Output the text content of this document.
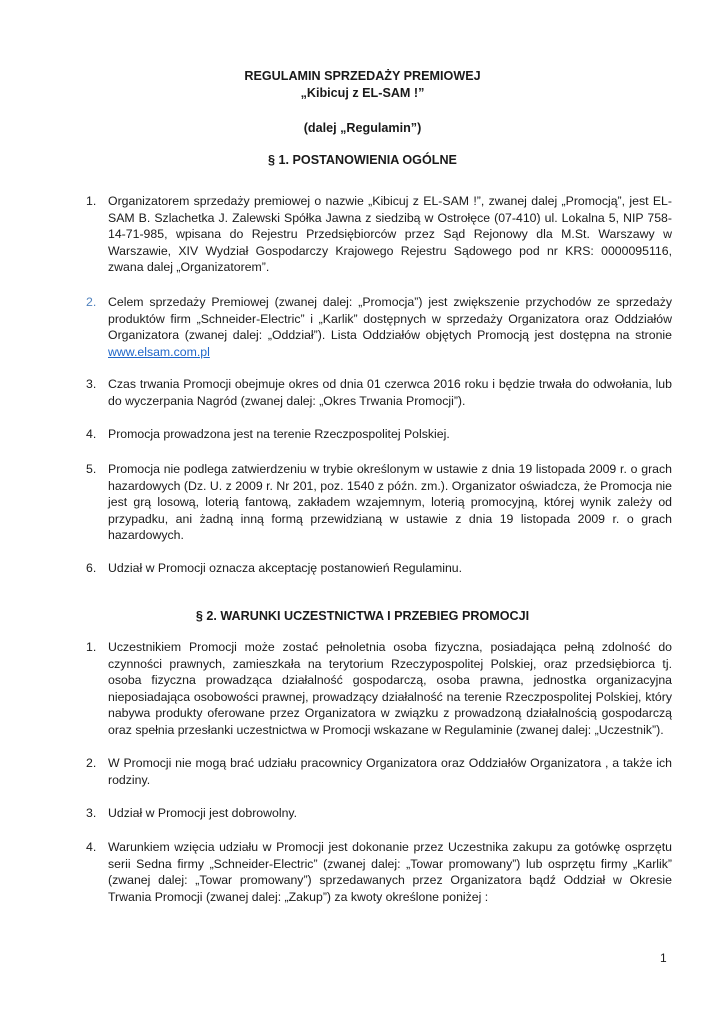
REGULAMIN SPRZEDAŻY PREMIOWEJ
„Kibicuj z EL-SAM !”
(dalej „Regulamin”)
§ 1. POSTANOWIENIA OGÓLNE
1. Organizatorem sprzedaży premiowej o nazwie „Kibicuj z EL-SAM !”, zwanej dalej „Promocją”, jest EL-SAM B. Szlachetka J. Zalewski Spółka Jawna z siedzibą w Ostrołęce (07-410) ul. Lokalna 5, NIP 758-14-71-985, wpisana do Rejestru Przedsiębiorców przez Sąd Rejonowy dla M.St. Warszawy w Warszawie, XIV Wydział Gospodarczy Krajowego Rejestru Sądowego pod nr KRS: 0000095116, zwana dalej „Organizatorem”.

2. Celem sprzedaży Premiowej (zwanej dalej: „Promocja”) jest zwiększenie przychodów ze sprzedaży produktów firm „Schneider-Electric” i „Karlik” dostępnych w sprzedaży Organizatora oraz Oddziałów Organizatora (zwanej dalej: „Oddział”). Lista Oddziałów objętych Promocją jest dostępna na stronie www.elsam.com.pl

3. Czas trwania Promocji obejmuje okres od dnia 01 czerwca 2016 roku i będzie trwała do odwołania, lub do wyczerpania Nagród (zwanej dalej: „Okres Trwania Promocji”).

4. Promocja prowadzona jest na terenie Rzeczpospolitej Polskiej.

5. Promocja nie podlega zatwierdzeniu w trybie określonym w ustawie z dnia 19 listopada 2009 r. o grach hazardowych (Dz. U. z 2009 r. Nr 201, poz. 1540 z późn. zm.). Organizator oświadcza, że Promocja nie jest grą losową, loterią fantową, zakładem wzajemnym, loterią promocyjną, której wynik zależy od przypadku, ani żadną inną formą przewidzianą w ustawie z dnia 19 listopada 2009 r. o grach hazardowych.

6. Udział w Promocji oznacza akceptację postanowień Regulaminu.

§ 2. WARUNKI UCZESTNICTWA I PRZEBIEG PROMOCJI
1. Uczestnikiem Promocji może zostać pełnoletnia osoba fizyczna, posiadająca pełną zdolność do czynności prawnych, zamieszkała na terytorium Rzeczypospolitej Polskiej, oraz przedsiębiorca tj. osoba fizyczna prowadząca działalność gospodarczą, osoba prawna, jednostka organizacyjna nieposiadająca osobowości prawnej, prowadzący działalność na terenie Rzeczpospolitej Polskiej, który nabywa produkty oferowane przez Organizatora w związku z prowadzoną działalnością gospodarczą oraz spełnia przesłanki uczestnictwa w Promocji wskazane w Regulaminie (zwanej dalej: „Uczestnik”).

2. W Promocji nie mogą brać udziału pracownicy Organizatora oraz Oddziałów Organizatora , a także ich rodziny.

3. Udział w Promocji jest dobrowolny.

4. Warunkiem wzięcia udziału w Promocji jest dokonanie przez Uczestnika zakupu za gotówkę osprzętu serii Sedna firmy „Schneider-Electric” (zwanej dalej: „Towar promowany”) lub osprzętu firmy „Karlik” (zwanej dalej: „Towar promowany”) sprzedawanych przez Organizatora bądź Oddział w Okresie Trwania Promocji (zwanej dalej: „Zakup”) za kwoty określone poniżej :

1
